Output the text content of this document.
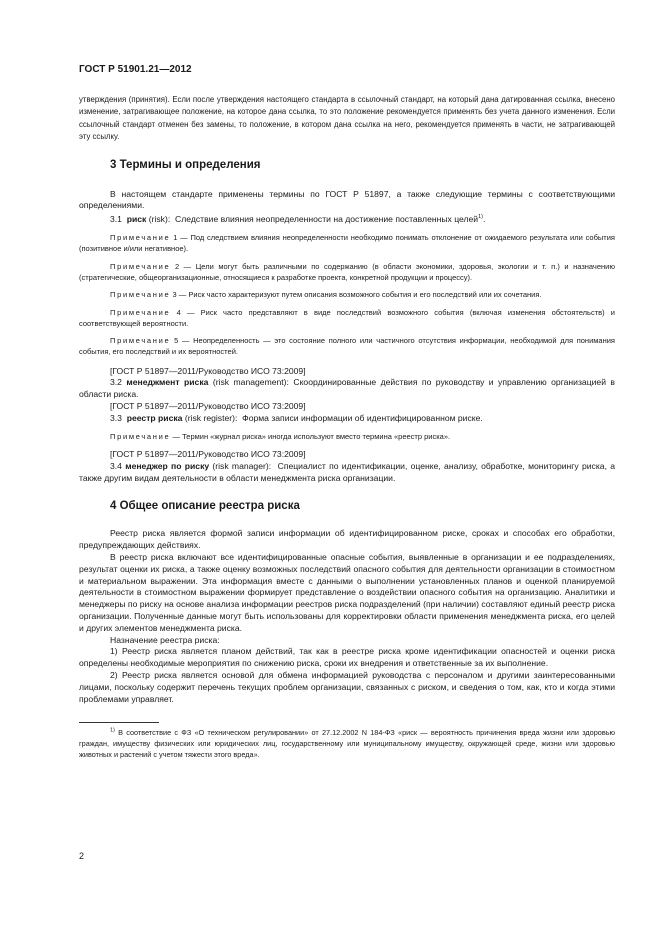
ГОСТ Р 51901.21—2012

утверждения (принятия). Если после утверждения настоящего стандарта в ссылочный стандарт, на который дана датированная ссылка, внесено изменение, затрагивающее положение, на которое дана ссылка, то это положение рекомендуется применять без учета данного изменения. Если ссылочный стандарт отменен без замены, то положение, в котором дана ссылка на него, рекомендуется применять в части, не затрагивающей эту ссылку.

3 Термины и определения

В настоящем стандарте применены термины по ГОСТ Р 51897, а также следующие термины с соответствующими определениями.

3.1 риск (risk): Следствие влияния неопределенности на достижение поставленных целей$^{1)}$.

Примечание 1 — Под следствием влияния неопределенности необходимо понимать отклонение от ожидаемого результата или события (позитивное и/или негативное).

Примечание 2 — Цели могут быть различными по содержанию (в области экономики, здоровья, экологии и т. п.) и назначению (стратегические, общеорганизационные, относящиеся к разработке проекта, конкретной продукции и процессу).

Примечание 3 — Риск часто характеризуют путем описания возможного события и его последствий или их сочетания.

Примечание 4 — Риск часто представляют в виде последствий возможного события (включая изменения обстоятельств) и соответствующей вероятности.

Примечание 5 — Неопределенность — это состояние полного или частичного отсутствия информации, необходимой для понимания события, его последствий и их вероятностей.

[ГОСТ Р 51897—2011/Руководство ИСО 73:2009]

3.2 менеджмент риска (risk management): Скоординированные действия по руководству и управлению организацией в области риска.

[ГОСТ Р 51897—2011/Руководство ИСО 73:2009]

3.3 реестр риска (risk register): Форма записи информации об идентифицированном риске.

Примечание — Термин «журнал риска» иногда используют вместо термина «реестр риска».

[ГОСТ Р 51897—2011/Руководство ИСО 73:2009]

3.4 менеджер по риску (risk manager): Специалист по идентификации, оценке, анализу, обработке, мониторингу риска, а также другим видам деятельности в области менеджмента риска организации.

4 Общее описание реестра риска

Реестр риска является формой записи информации об идентифицированном риске, сроках и способах его обработки, предупреждающих действиях.

В реестр риска включают все идентифицированные опасные события, выявленные в организации и ее подразделениях, результат оценки их риска, а также оценку возможных последствий опасного события для деятельности организации в стоимостном и материальном выражении. Эта информация вместе с данными о выполнении установленных планов и оценкой планируемой деятельности в стоимостном выражении формирует представление о воздействии опасного события на организацию. Аналитики и менеджеры по риску на основе анализа информации реестров риска подразделений (при наличии) составляют единый реестр риска организации. Полученные данные могут быть использованы для корректировки области применения менеджмента риска, его целей и других элементов менеджмента риска.

Назначение реестра риска:

1) Реестр риска является планом действий, так как в реестре риска кроме идентификации опасностей и оценки риска определены необходимые мероприятия по снижению риска, сроки их внедрения и ответственные за их выполнение.

2) Реестр риска является основой для обмена информацией руководства с персоналом и другими заинтересованными лицами, поскольку содержит перечень текущих проблем организации, связанных с риском, и сведения о том, как, кто и когда этими проблемами управляет.

$^{1)}$ В соответствие с ФЗ «О техническом регулировании» от 27.12.2002 N 184-ФЗ «риск — вероятность причинения вреда жизни или здоровью граждан, имуществу физических или юридических лиц, государственному или муниципальному имуществу, окружающей среде, жизни или здоровью животных и растений с учетом тяжести этого вреда».

2
